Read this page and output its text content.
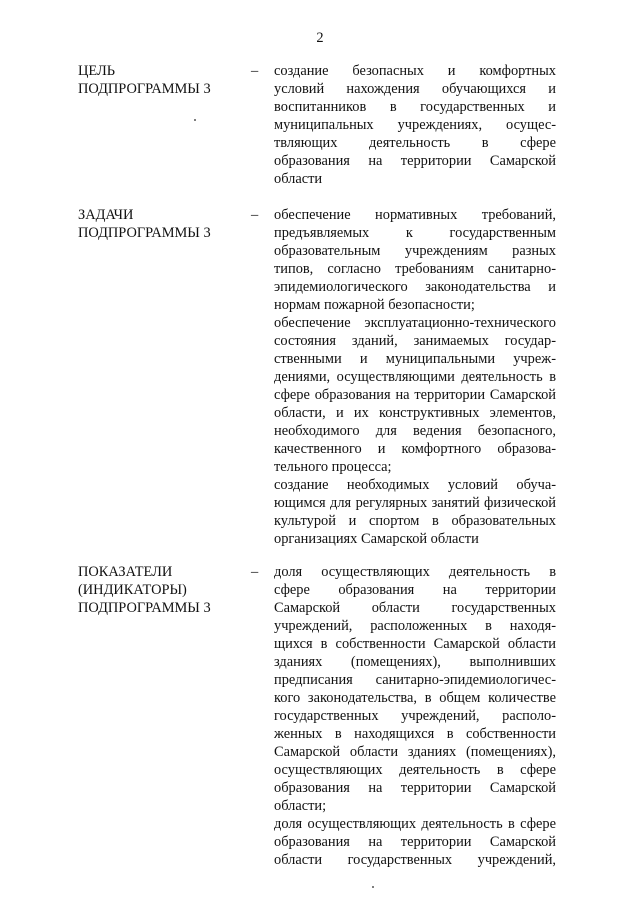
2
ЦЕЛЬ
ПОДПРОГРАММЫ 3
–	создание безопасных и комфортных
условий нахождения обучающихся и
воспитанников в государственных и
муниципальных учреждениях, осущес-
твляющих деятельность в сфере
образования на территории Самарской
области
ЗАДАЧИ
ПОДПРОГРАММЫ 3
–	обеспечение нормативных требований,
предъявляемых к государственным
образовательным учреждениям разных
типов, согласно требованиям санитарно-
эпидемиологического законодательства и
нормам пожарной безопасности;
обеспечение эксплуатационно-технического
состояния зданий, занимаемых государ-
ственными и муниципальными учреж-
дениями, осуществляющими деятельность в
сфере образования на территории Самарской
области, и их конструктивных элементов,
необходимого для ведения безопасного,
качественного и комфортного образова-
тельного процесса;
создание необходимых условий обуча-
ющимся для регулярных занятий физической
культурой и спортом в образовательных
организациях Самарской области
ПОКАЗАТЕЛИ
(ИНДИКАТОРЫ)
ПОДПРОГРАММЫ 3
–	доля осуществляющих деятельность в
сфере образования на территории
Самарской области государственных
учреждений, расположенных в находя-
щихся в собственности Самарской области
зданиях (помещениях), выполнивших
предписания санитарно-эпидемиологичес-
кого законодательства, в общем количестве
государственных учреждений, располо-
женных в находящихся в собственности
Самарской области зданиях (помещениях),
осуществляющих деятельность в сфере
образования на территории Самарской
области;
доля осуществляющих деятельность в сфере
образования на территории Самарской
области государственных учреждений,
